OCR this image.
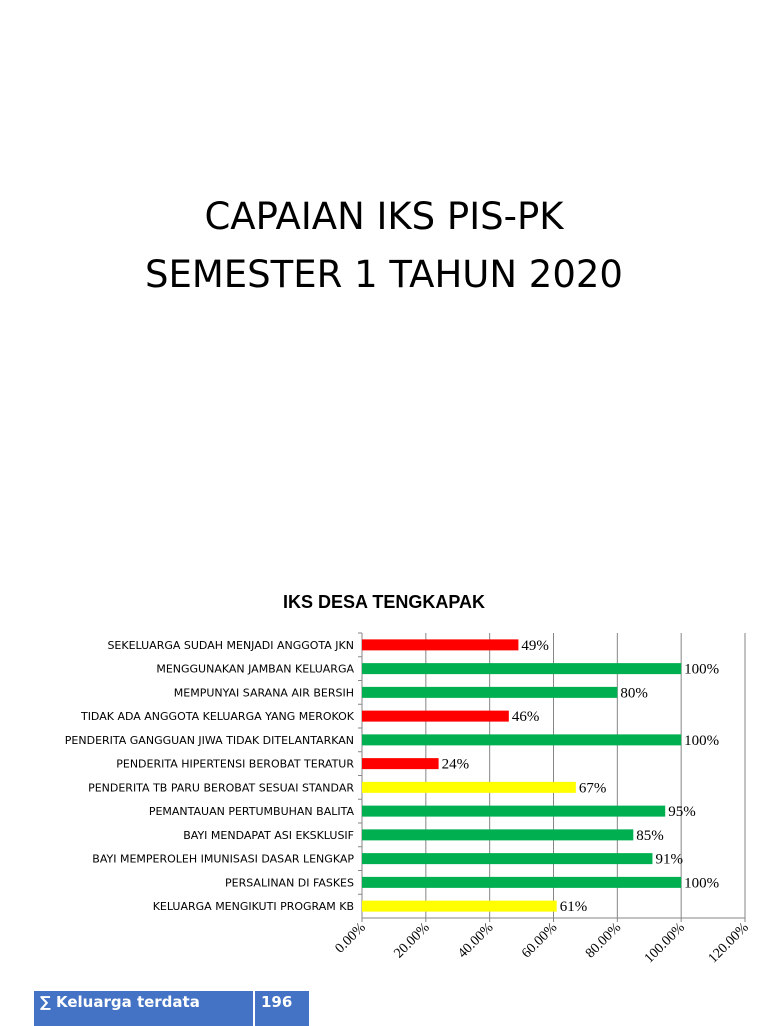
CAPAIAN IKS PIS-PK
SEMESTER 1 TAHUN 2020
IKS DESA TENGKAPAK
SEKELUARGA SUDAH MENJADI ANGGOTA JKN	49%
MENGGUNAKAN JAMBAN KELUARGA	100%
MEMPUNYAI SARANA AIR BERSIH	80%
TIDAK ADA ANGGOTA KELUARGA YANG MEROKOK	46%
PENDERITA GANGGUAN JIWA TIDAK DITELANTARKAN	100%
PENDERITA HIPERTENSI BEROBAT TERATUR	24%
PENDERITA TB PARU BEROBAT SESUAI STANDAR	67%
PEMANTAUAN PERTUMBUHAN BALITA	95%
BAYI MENDAPAT ASI EKSKLUSIF	85%
BAYI MEMPEROLEH IMUNISASI DASAR LENGKAP	91%
PERSALINAN DI FASKES	100%
KELUARGA MENGIKUTI PROGRAM KB	61%
0.00% 20.00% 40.00% 60.00% 80.00% 100.00% 120.00%
∑ Keluarga terdata	196
